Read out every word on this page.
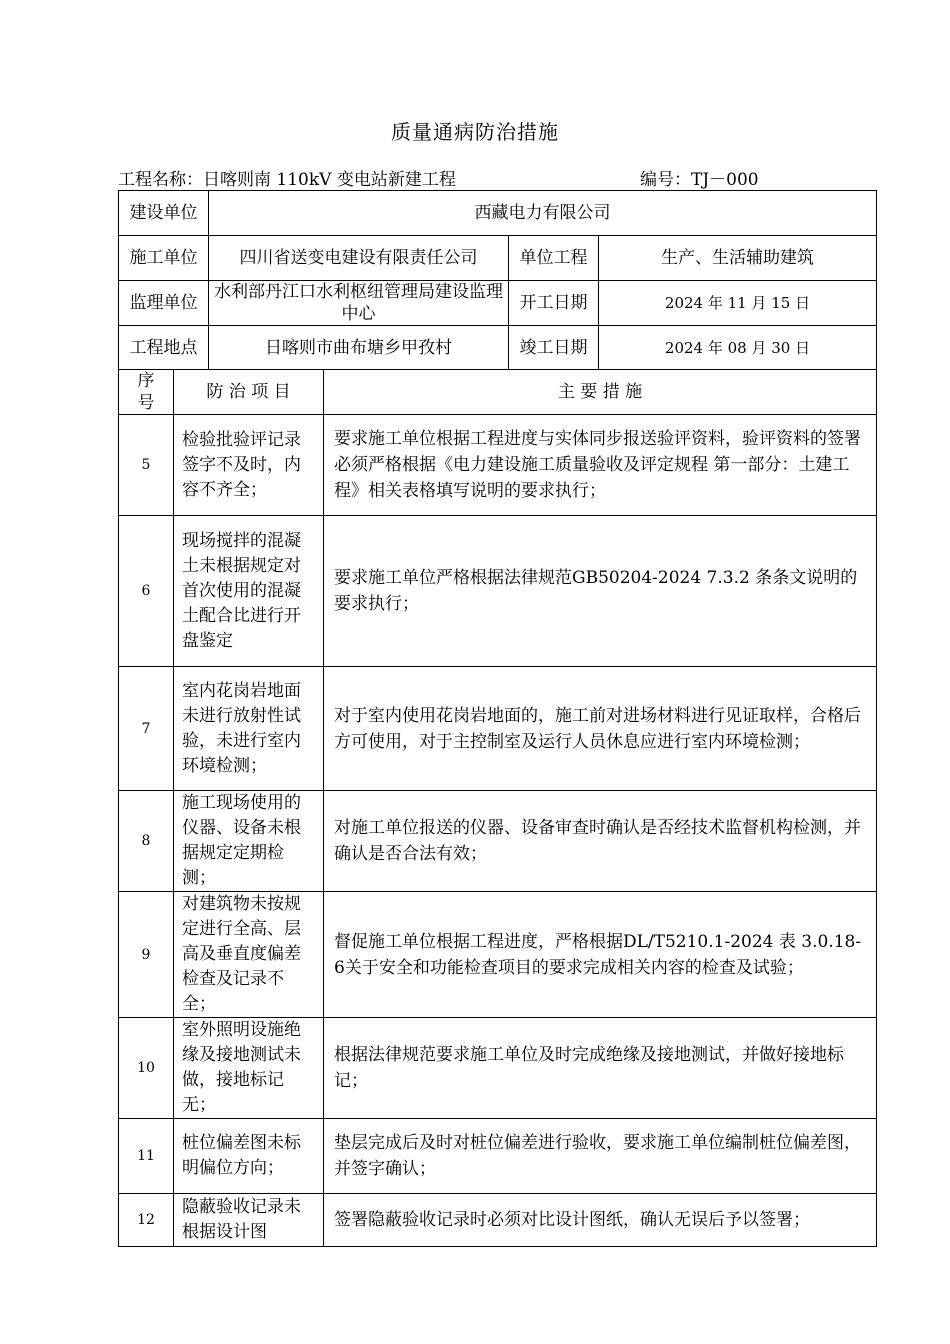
质量通病防治措施
工程名称：日喀则南 110kV 变电站新建工程	编号：TJ－000
建设单位	西藏电力有限公司		
施工单位	四川省送变电建设有限责任公司	单位工程	生产、生活辅助建筑
监理单位	水利部丹江口水利枢纽管理局建设监理中心	开工日期	2024 年 11 月 15 日
工程地点	日喀则市曲布塘乡甲孜村	竣工日期	2024 年 08 月 30 日
序号	防 治 项 目	主 要 措 施
5	检验批验评记录签字不及时，内容不齐全；	要求施工单位根据工程进度与实体同步报送验评资料，验评资料的签署必须严格根据《电力建设施工质量验收及评定规程 第一部分：土建工程》相关表格填写说明的要求执行；
6	现场搅拌的混凝土未根据规定对首次使用的混凝土配合比进行开盘鉴定	要求施工单位严格根据法律规范GB50204-2024 7.3.2 条条文说明的要求执行；
7	室内花岗岩地面未进行放射性试验，未进行室内环境检测；	对于室内使用花岗岩地面的，施工前对进场材料进行见证取样，合格后方可使用，对于主控制室及运行人员休息应进行室内环境检测；
8	施工现场使用的仪器、设备未根据规定定期检测；	对施工单位报送的仪器、设备审查时确认是否经技术监督机构检测，并确认是否合法有效；
9	对建筑物未按规定进行全高、层高及垂直度偏差检查及记录不全；	督促施工单位根据工程进度，严格根据DL/T5210.1-2024 表 3.0.18-6关于安全和功能检查项目的要求完成相关内容的检查及试验；
10	室外照明设施绝缘及接地测试未做，接地标记无；	根据法律规范要求施工单位及时完成绝缘及接地测试，并做好接地标记；
11	桩位偏差图未标明偏位方向；	垫层完成后及时对桩位偏差进行验收，要求施工单位编制桩位偏差图，并签字确认；
12	隐蔽验收记录未根据设计图	签署隐蔽验收记录时必须对比设计图纸，确认无误后予以签署；
